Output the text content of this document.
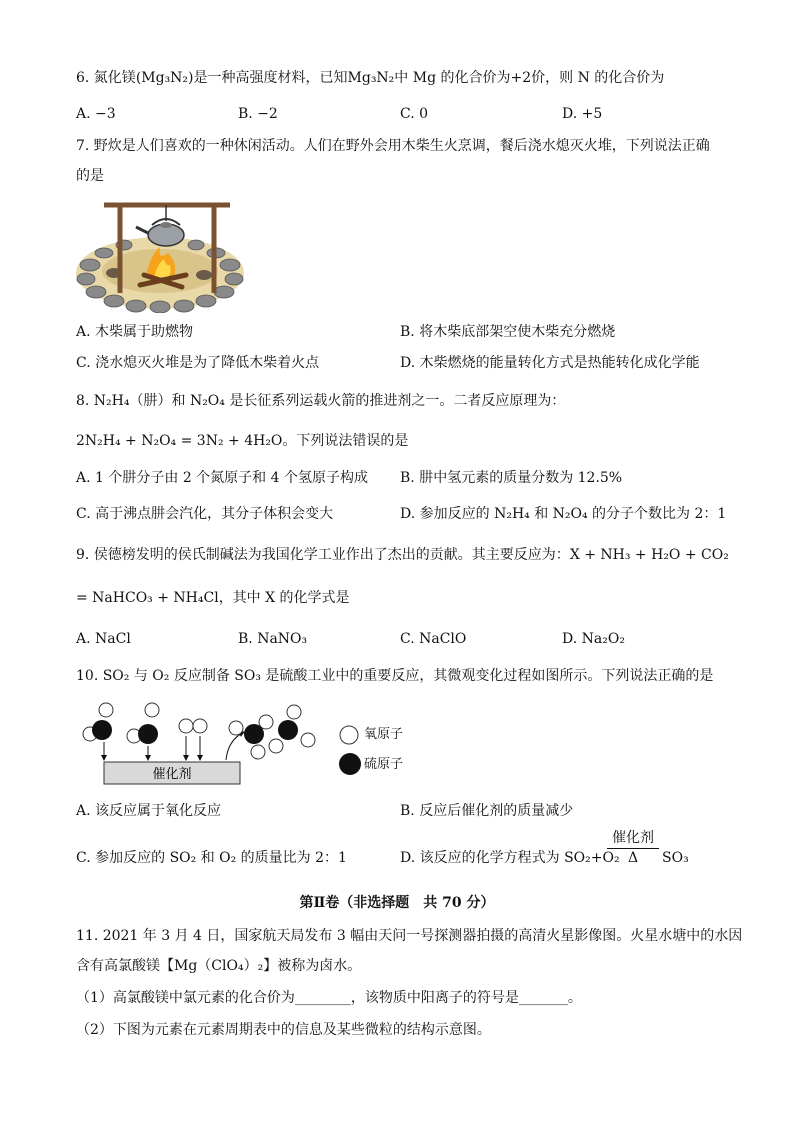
6. 氮化镁(Mg₃N₂)是一种高强度材料，已知Mg₃N₂中 Mg 的化合价为+2价，则 N 的化合价为
A. −3	B. −2	C. 0	D. +5
7. 野炊是人们喜欢的一种休闲活动。人们在野外会用木柴生火烹调，餐后浇水熄灭火堆，下列说法正确
的是
A. 木柴属于助燃物	B. 将木柴底部架空使木柴充分燃烧
C. 浇水熄灭火堆是为了降低木柴着火点	D. 木柴燃烧的能量转化方式是热能转化成化学能
8. N₂H₄（肼）和 N₂O₄ 是长征系列运载火箭的推进剂之一。二者反应原理为：
2N₂H₄ + N₂O₄ = 3N₂ + 4H₂O。下列说法错误的是
A. 1 个肼分子由 2 个氮原子和 4 个氢原子构成 B. 肼中氢元素的质量分数为 12.5%
C. 高于沸点肼会汽化，其分子体积会变大	D. 参加反应的 N₂H₄ 和 N₂O₄ 的分子个数比为 2：1
9. 侯德榜发明的侯氏制碱法为我国化学工业作出了杰出的贡献。其主要反应为：X + NH₃ + H₂O + CO₂
= NaHCO₃ + NH₄Cl，其中 X 的化学式是
A. NaCl	B. NaNO₃	C. NaClO	D. Na₂O₂
10. SO₂ 与 O₂ 反应制备 SO₃ 是硫酸工业中的重要反应，其微观变化过程如图所示。下列说法正确的是
催化剂
氧原子
硫原子
A. 该反应属于氧化反应	B. 反应后催化剂的质量减少
C. 参加反应的 SO₂ 和 O₂ 的质量比为 2：1	D. 该反应的化学方程式为 SO₂+O₂
催化剂
Δ	SO₃
第Ⅱ卷（非选择题　共 70 分）
11. 2021 年 3 月 4 日，国家航天局发布 3 幅由天问一号探测器拍摄的高清火星影像图。火星水塘中的水因
含有高氯酸镁【Mg（ClO₄）₂】被称为卤水。
（1）高氯酸镁中氯元素的化合价为________，该物质中阳离子的符号是_______。
（2）下图为元素在元素周期表中的信息及某些微粒的结构示意图。
